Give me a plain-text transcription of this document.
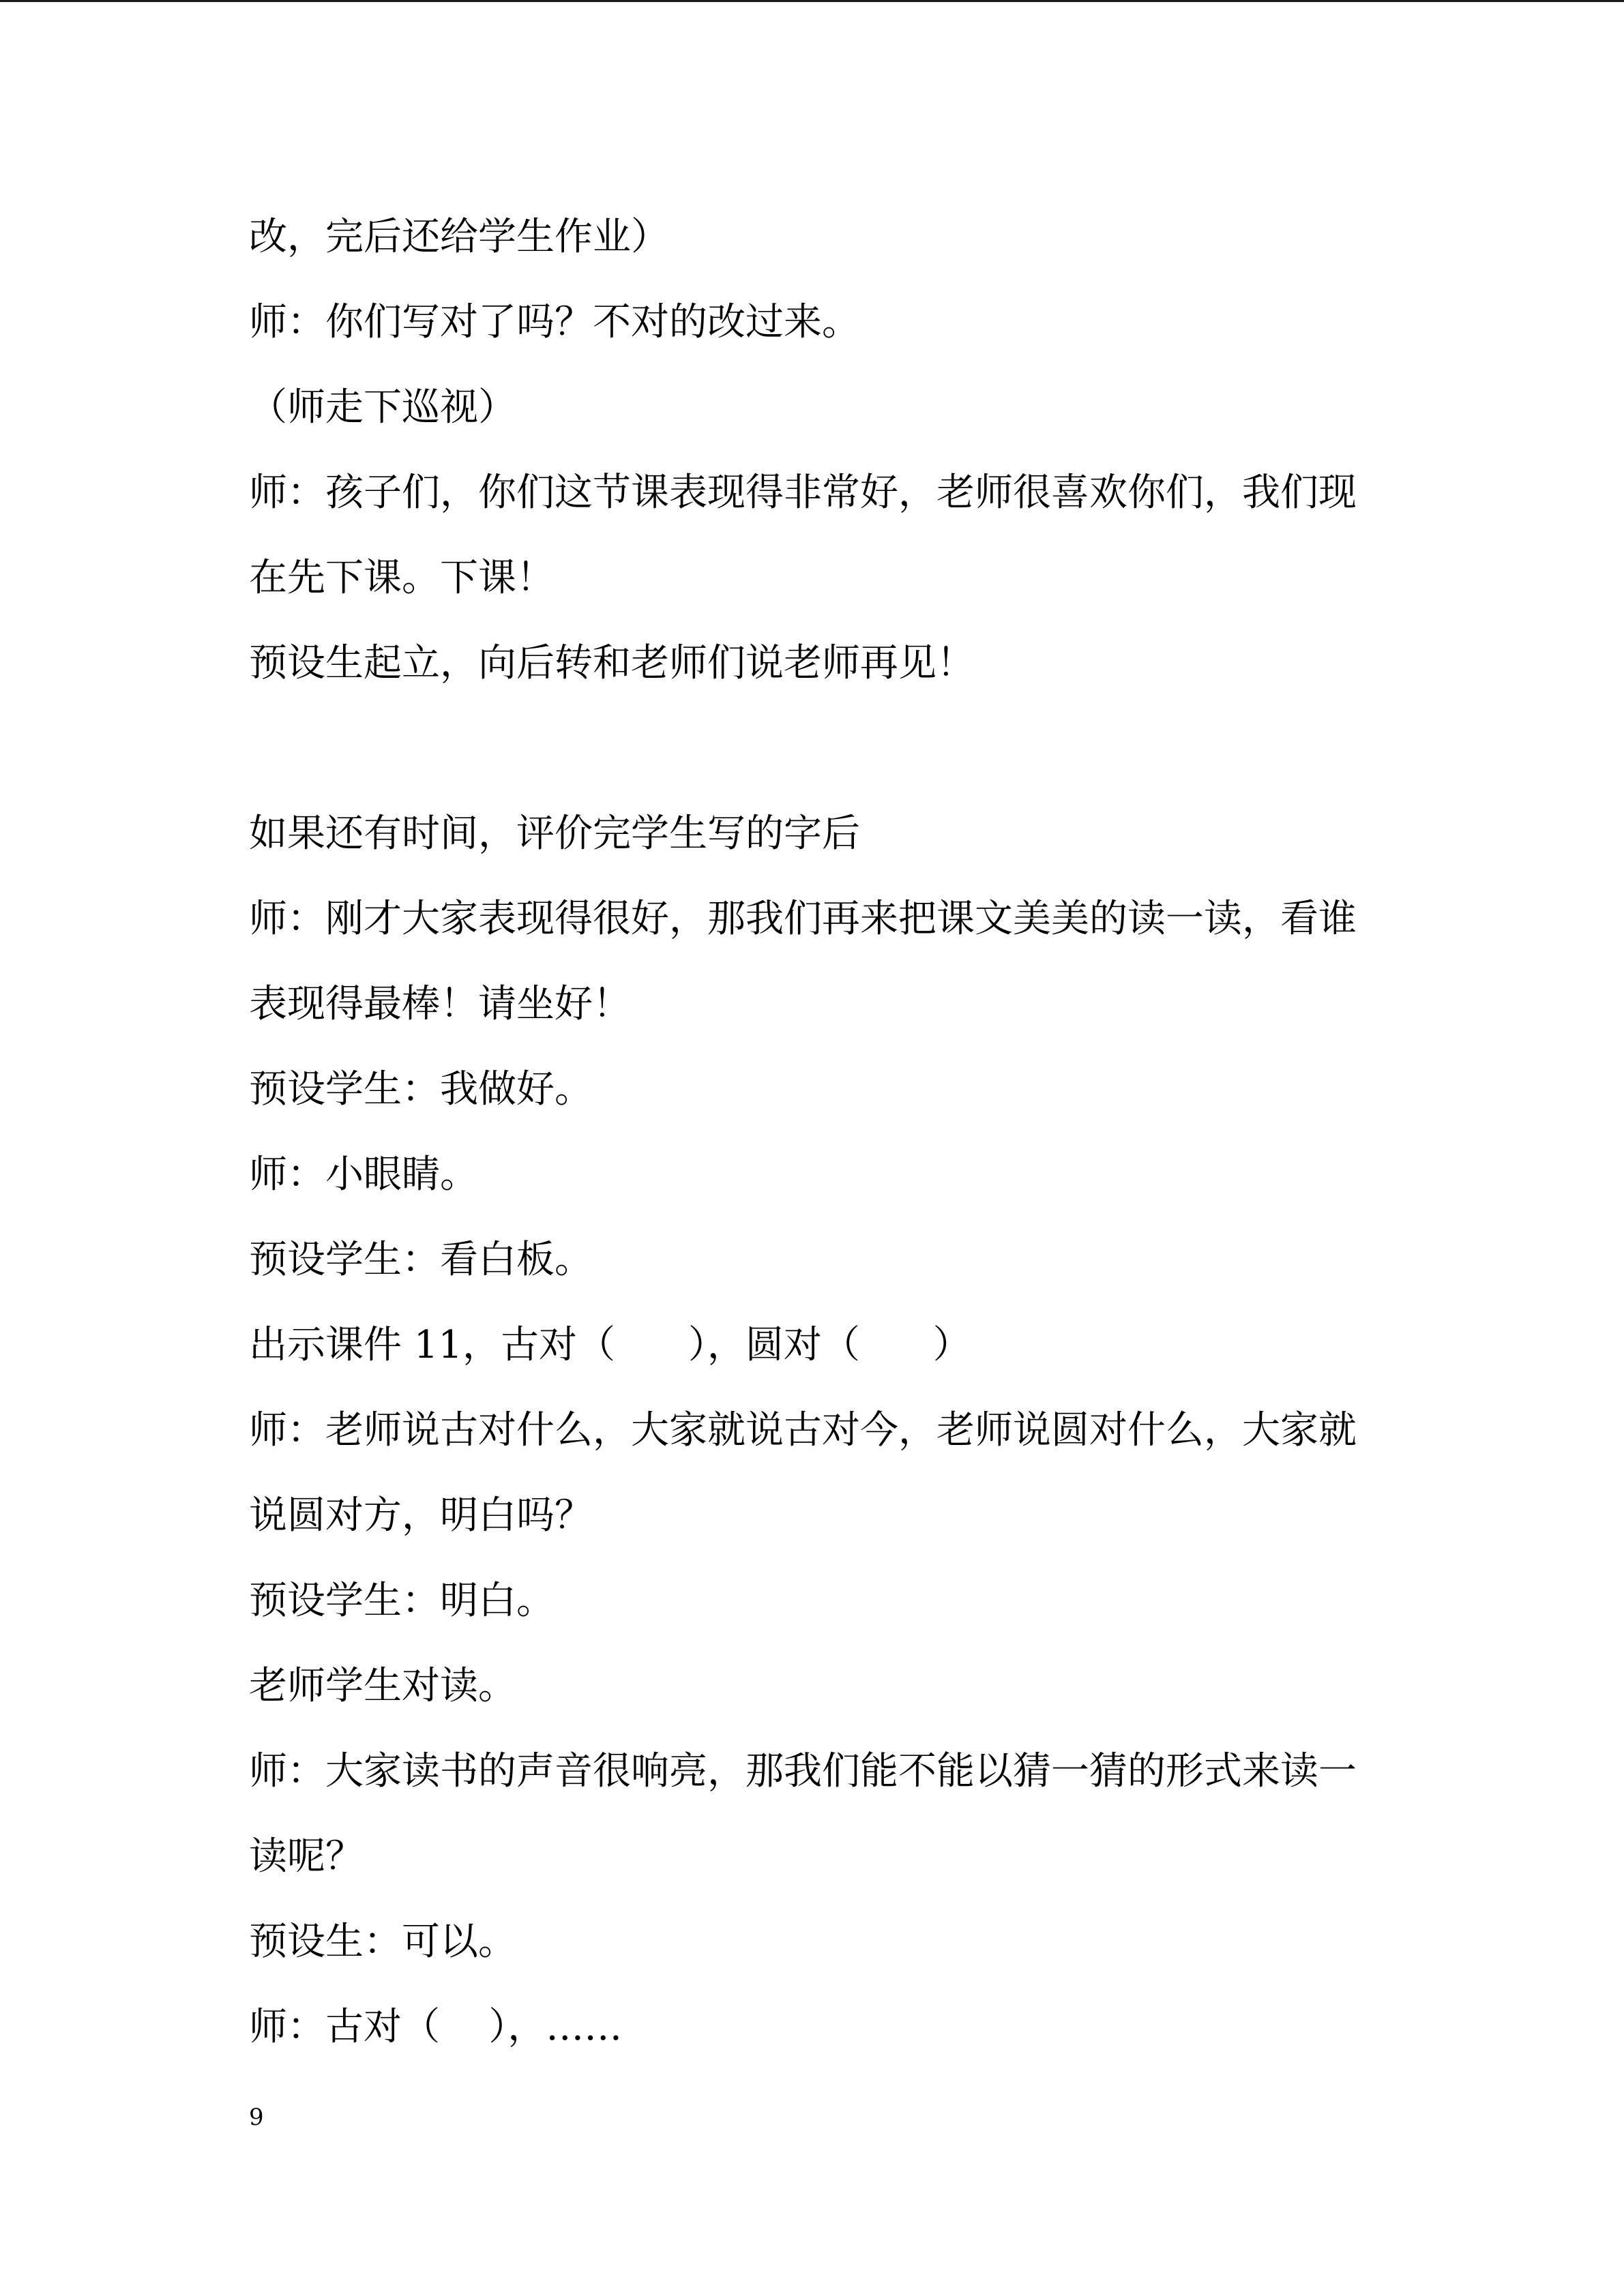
改，完后还给学生作业）
师：你们写对了吗？不对的改过来。
（师走下巡视）
师：孩子们，你们这节课表现得非常好，老师很喜欢你们，我们现
在先下课。下课！
预设生起立，向后转和老师们说老师再见！
如果还有时间，评价完学生写的字后
师：刚才大家表现得很好，那我们再来把课文美美的读一读，看谁
表现得最棒！请坐好！
预设学生：我做好。
师：小眼睛。
预设学生：看白板。
出示课件 11，古对（      ），圆对（      ）
师：老师说古对什么，大家就说古对今，老师说圆对什么，大家就
说圆对方，明白吗？
预设学生：明白。
老师学生对读。
师：大家读书的声音很响亮，那我们能不能以猜一猜的形式来读一
读呢？
预设生：可以。
师：古对（    ），……
9
